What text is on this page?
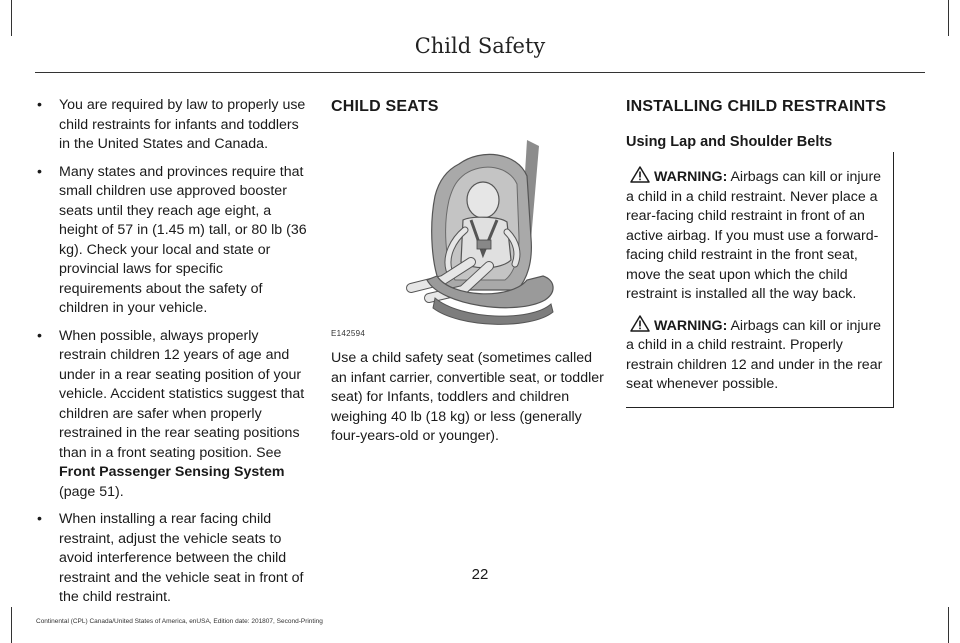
Child Safety
• You are required by law to properly use child restraints for infants and toddlers in the United States and Canada.
• Many states and provinces require that small children use approved booster seats until they reach age eight, a height of 57 in (1.45 m) tall, or 80 lb (36 kg). Check your local and state or provincial laws for specific requirements about the safety of children in your vehicle.
• When possible, always properly restrain children 12 years of age and under in a rear seating position of your vehicle. Accident statistics suggest that children are safer when properly restrained in the rear seating positions than in a front seating position. See Front Passenger Sensing System (page 51).
• When installing a rear facing child restraint, adjust the vehicle seats to avoid interference between the child restraint and the vehicle seat in front of the child restraint.
CHILD SEATS
E142594

Use a child safety seat (sometimes called an infant carrier, convertible seat, or toddler seat) for Infants, toddlers and children weighing 40 lb (18 kg) or less (generally four-years-old or younger).

INSTALLING CHILD RESTRAINTS
Using Lap and Shoulder Belts

WARNING: Airbags can kill or injure a child in a child restraint. Never place a rear-facing child restraint in front of an active airbag. If you must use a forward-facing child restraint in the front seat, move the seat upon which the child restraint is installed all the way back.

WARNING: Airbags can kill or injure a child in a child restraint. Properly restrain children 12 and under in the rear seat whenever possible.

22
Continental (CPL) Canada/United States of America, enUSA, Edition date: 201807, Second-Printing
